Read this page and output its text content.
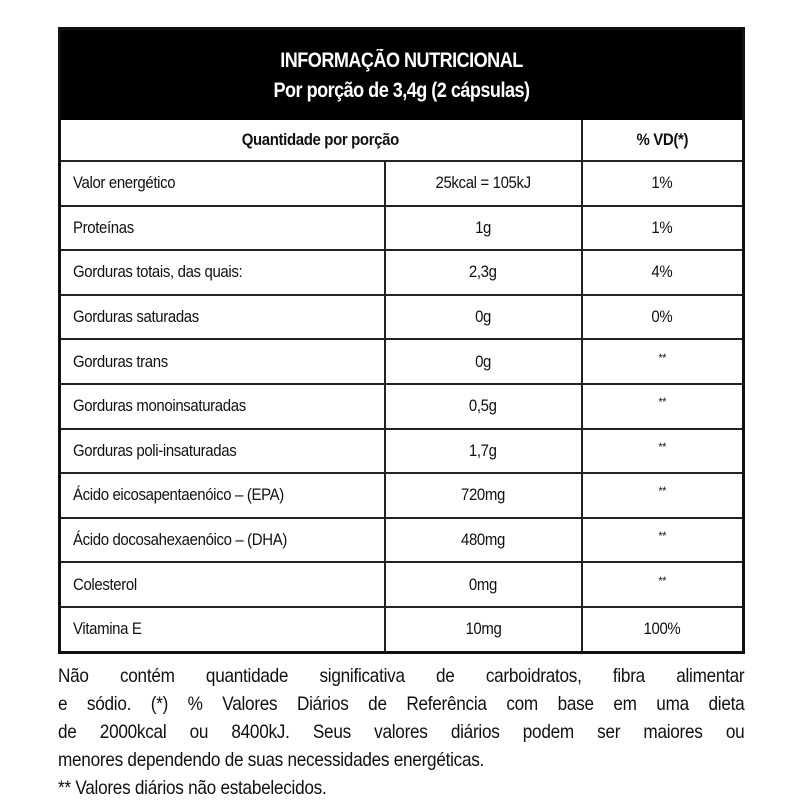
INFORMAÇÃO NUTRICIONAL
Por porção de 3,4g (2 cápsulas)		

Quantidade por porção		% VD(*)
Valor energético	25kcal = 105kJ	1%
Proteínas	1g	1%
Gorduras totais, das quais:	2,3g	4%
Gorduras saturadas	0g	0%
Gorduras trans	0g	**
Gorduras monoinsaturadas	0,5g	**
Gorduras poli-insaturadas	1,7g	**
Ácido eicosapentaenóico – (EPA)	720mg	**
Ácido docosahexaenóico – (DHA)	480mg	**
Colesterol	0mg	**
Vitamina E	10mg	100%
Não contém quantidade significativa de carboidratos, fibra alimentar
e sódio. (*) % Valores Diários de Referência com base em uma dieta
de 2000kcal ou 8400kJ. Seus valores diários podem ser maiores ou
menores dependendo de suas necessidades energéticas.
** Valores diários não estabelecidos.
